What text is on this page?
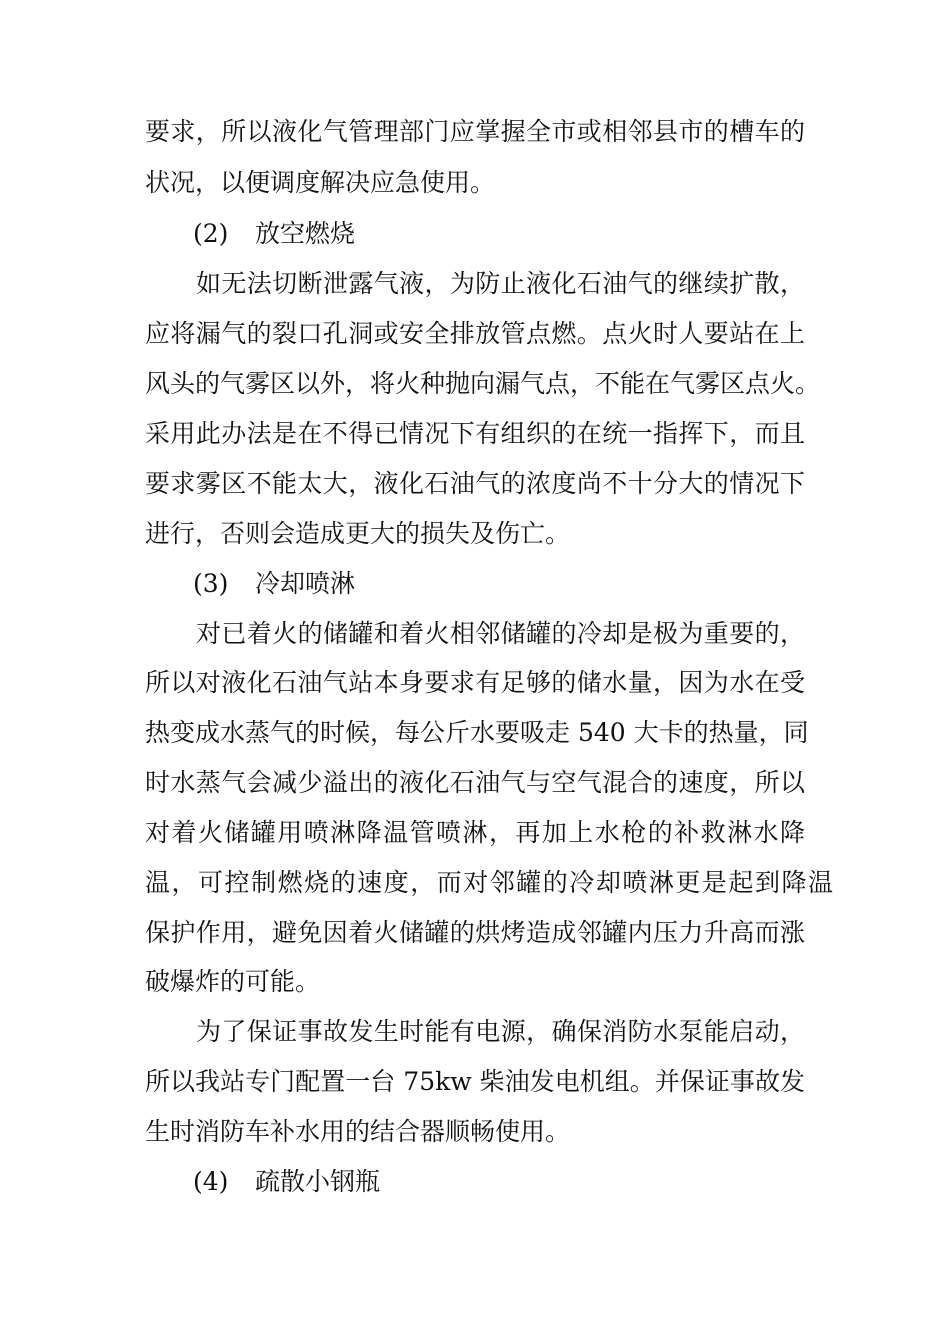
要求，所以液化气管理部门应掌握全市或相邻县市的槽车的
状况，以便调度解决应急使用。
(2) 放空燃烧
如无法切断泄露气液，为防止液化石油气的继续扩散，
应将漏气的裂口孔洞或安全排放管点燃。点火时人要站在上
风头的气雾区以外，将火种抛向漏气点，不能在气雾区点火。
采用此办法是在不得已情况下有组织的在统一指挥下，而且
要求雾区不能太大，液化石油气的浓度尚不十分大的情况下
进行，否则会造成更大的损失及伤亡。
(3) 冷却喷淋
对已着火的储罐和着火相邻储罐的冷却是极为重要的，
所以对液化石油气站本身要求有足够的储水量，因为水在受
热变成水蒸气的时候，每公斤水要吸走 540 大卡的热量，同
时水蒸气会减少溢出的液化石油气与空气混合的速度，所以
对着火储罐用喷淋降温管喷淋，再加上水枪的补救淋水降
温，可控制燃烧的速度，而对邻罐的冷却喷淋更是起到降温
保护作用，避免因着火储罐的烘烤造成邻罐内压力升高而涨
破爆炸的可能。
为了保证事故发生时能有电源，确保消防水泵能启动，
所以我站专门配置一台 75kw 柴油发电机组。并保证事故发
生时消防车补水用的结合器顺畅使用。
(4) 疏散小钢瓶
